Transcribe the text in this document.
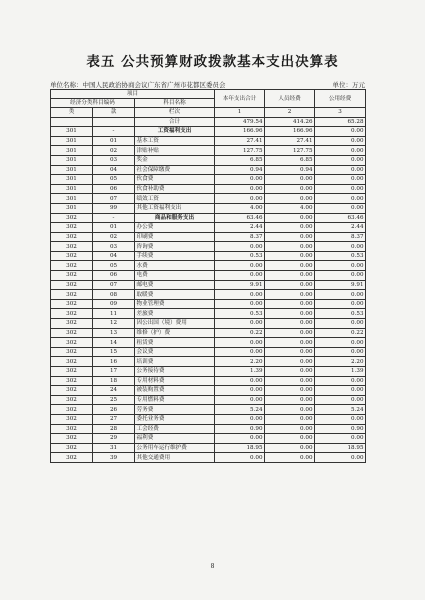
表五 公共预算财政拨款基本支出决算表
单位名称：中国人民政治协商会议广东省广州市花都区委员会	单位：万元
项目			本年支出合计	人员经费	公用经费
经济分类科目编码		科目名称			
类	款				
		栏次	1	2	3
		合计	479.54	414.26	65.28
301	-	工资福利支出	166.96	166.96	0.00
301	01	基本工资	27.41	27.41	0.00
301	02	津贴补贴	127.75	127.75	0.00
301	03	奖金	6.85	6.85	0.00
301	04	社会保障缴费	0.94	0.94	0.00
301	05	伙食费	0.00	0.00	0.00
301	06	伙食补助费	0.00	0.00	0.00
301	07	绩效工资	0.00	0.00	0.00
301	99	其他工资福利支出	4.00	4.00	0.00
302	-	商品和服务支出	63.46	0.00	63.46
302	01	办公费	2.44	0.00	2.44
302	02	印刷费	8.37	0.00	8.37
302	03	咨询费	0.00	0.00	0.00
302	04	手续费	0.53	0.00	0.53
302	05	水费	0.00	0.00	0.00
302	06	电费	0.00	0.00	0.00
302	07	邮电费	9.91	0.00	9.91
302	08	取暖费	0.00	0.00	0.00
302	09	物业管理费	0.00	0.00	0.00
302	11	差旅费	0.53	0.00	0.53
302	12	因公出国（境）费用	0.00	0.00	0.00
302	13	维修（护）费	0.22	0.00	0.22
302	14	租赁费	0.00	0.00	0.00
302	15	会议费	0.00	0.00	0.00
302	16	培训费	2.20	0.00	2.20
302	17	公务接待费	1.39	0.00	1.39
302	18	专用材料费	0.00	0.00	0.00
302	24	被装购置费	0.00	0.00	0.00
302	25	专用燃料费	0.00	0.00	0.00
302	26	劳务费	5.24	0.00	5.24
302	27	委托业务费	0.00	0.00	0.00
302	28	工会经费	0.90	0.00	0.90
302	29	福利费	0.00	0.00	0.00
302	31	公务用车运行维护费	18.95	0.00	18.95
302	39	其他交通费用	0.00	0.00	0.00
8
